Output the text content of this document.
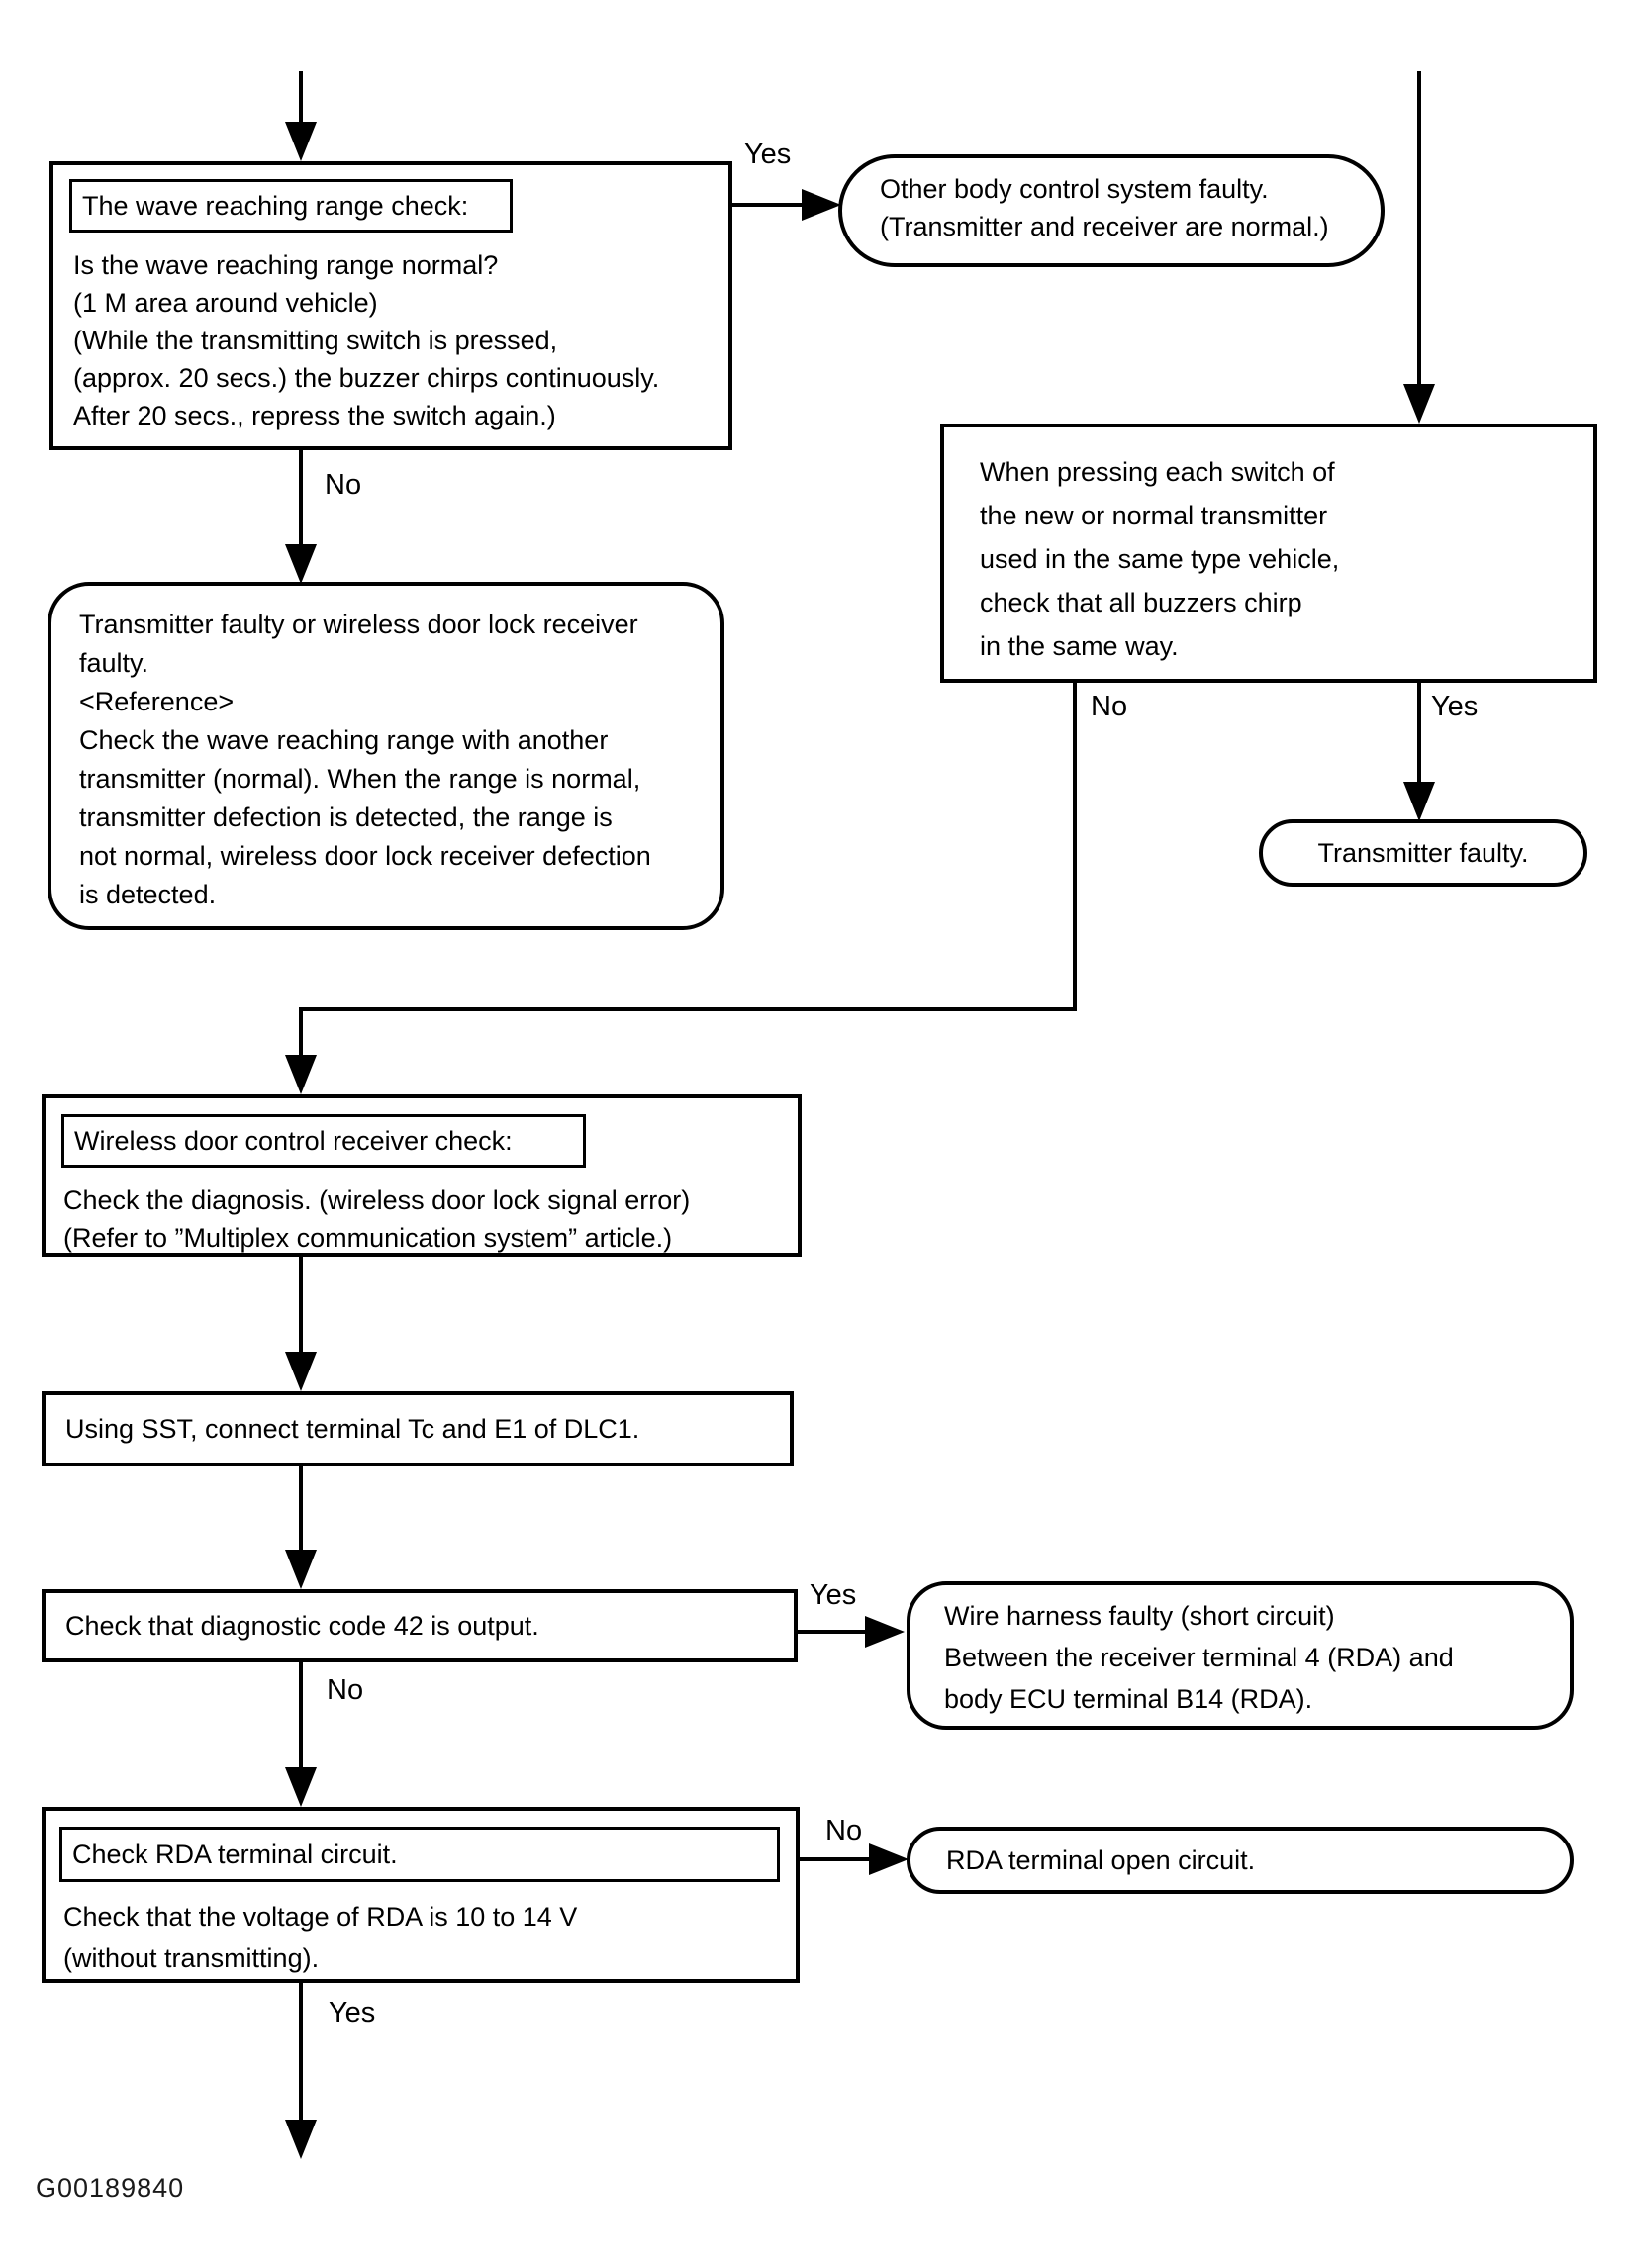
The wave reaching range check:
Is the wave reaching range normal?
(1 M area around vehicle)
(While the transmitting switch is pressed,
(approx. 20 secs.) the buzzer chirps continuously.
After 20 secs., repress the switch again.)
Yes
Other body control system faulty.
(Transmitter and receiver are normal.)
When pressing each switch of
the new or normal transmitter
used in the same type vehicle,
check that all buzzers chirp
in the same way.
Yes
Transmitter faulty.
No
No
Transmitter faulty or wireless door lock receiver
faulty.
<Reference>
Check the wave reaching range with another
transmitter (normal). When the range is normal,
transmitter defection is detected, the range is
not normal, wireless door lock receiver defection
is detected.
Wireless door control receiver check:
Check the diagnosis. (wireless door lock signal error)
(Refer to ”Multiplex communication system” article.)
Using SST, connect terminal Tc and E1 of DLC1.
Check that diagnostic code 42 is output.
Yes
Wire harness faulty (short circuit)
Between the receiver terminal 4 (RDA) and
body ECU terminal B14 (RDA).
No
Check RDA terminal circuit.
Check that the voltage of RDA is 10 to 14 V
(without transmitting).
No
RDA terminal open circuit.
Yes
G00189840
